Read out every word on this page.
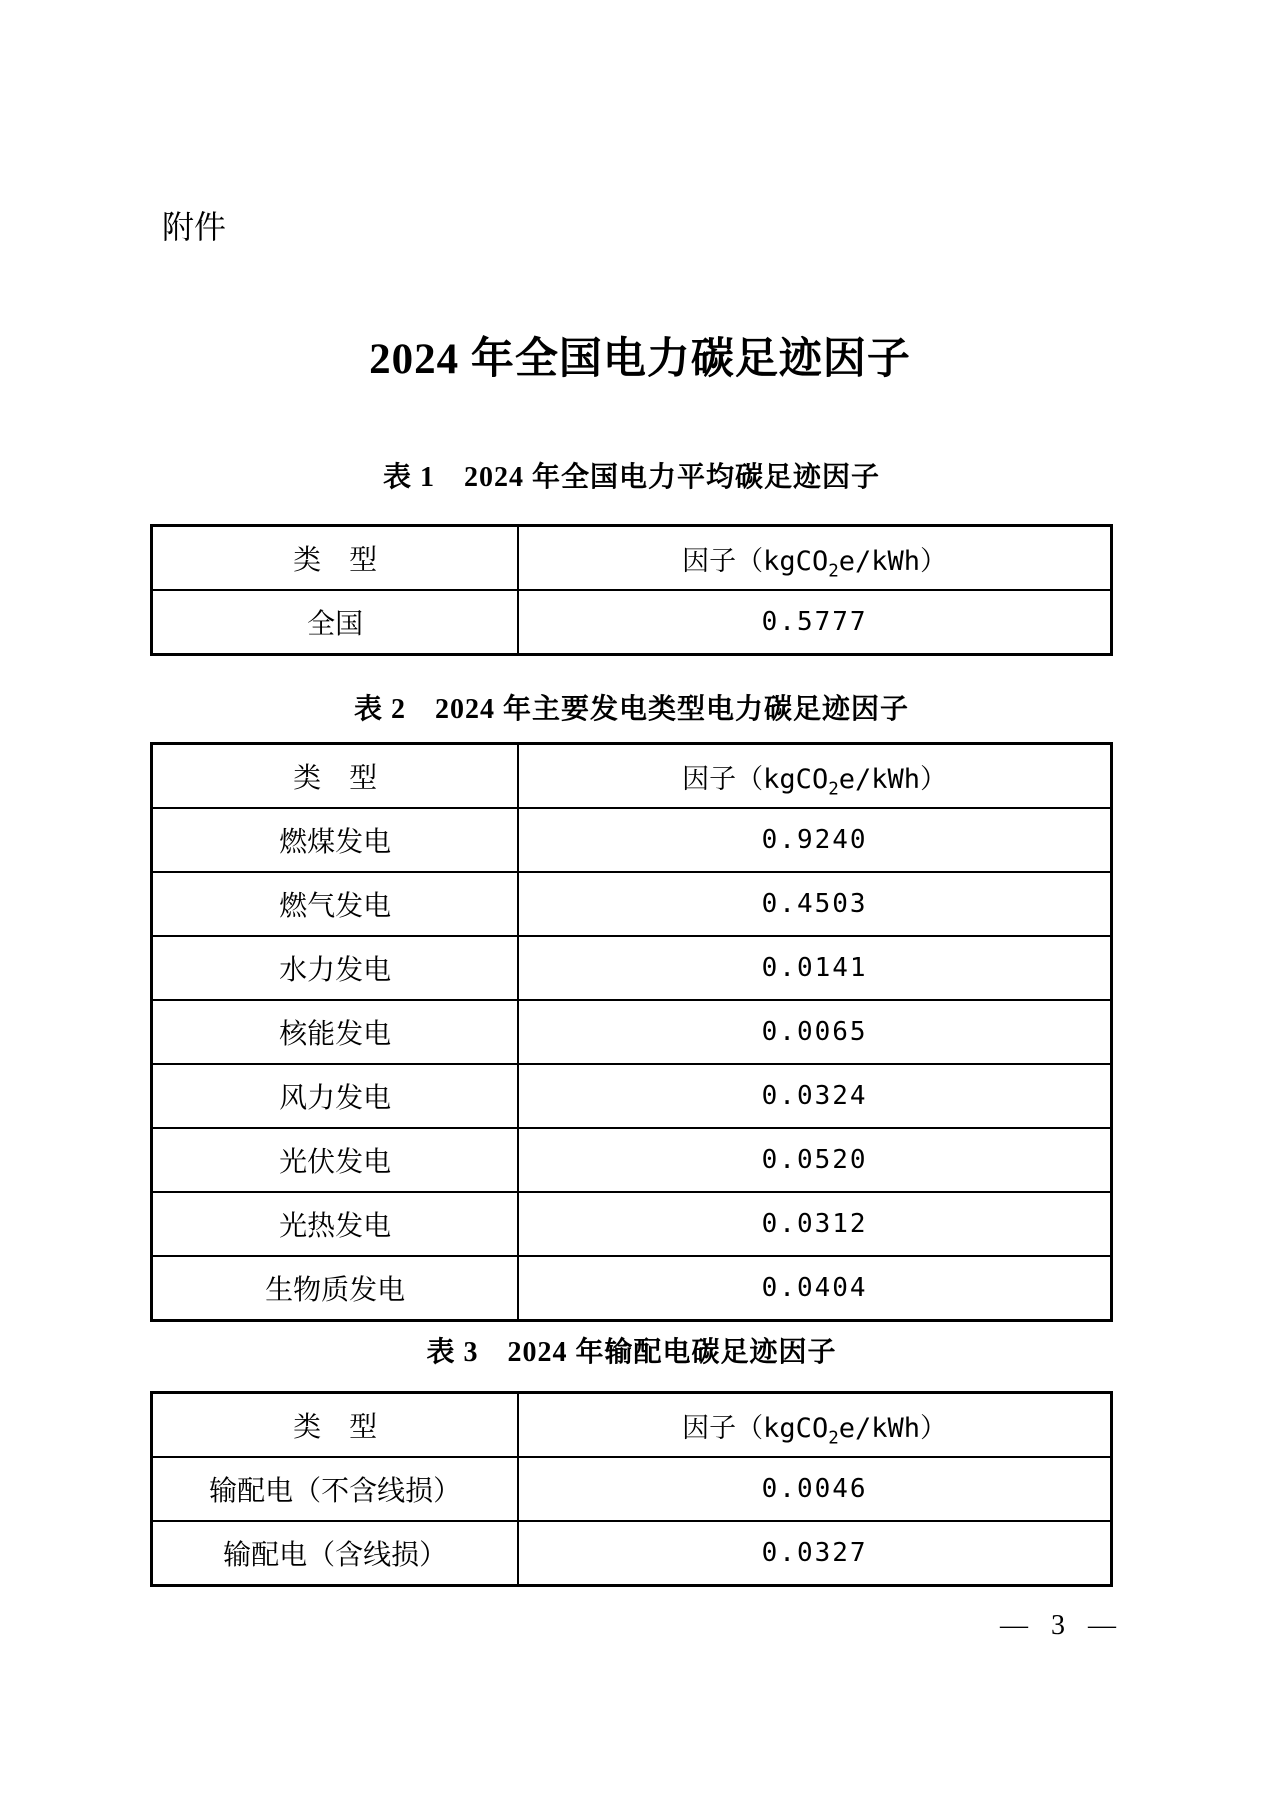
附件
2024 年全国电力碳足迹因子
表 1　2024 年全国电力平均碳足迹因子
类　型	因子（kgCO$_2$e/kWh）
全国	0.5777
表 2　2024 年主要发电类型电力碳足迹因子
类　型	因子（kgCO$_2$e/kWh）
燃煤发电	0.9240
燃气发电	0.4503
水力发电	0.0141
核能发电	0.0065
风力发电	0.0324
光伏发电	0.0520
光热发电	0.0312
生物质发电	0.0404
表 3　2024 年输配电碳足迹因子
类　型	因子（kgCO$_2$e/kWh）
输配电（不含线损）	0.0046
输配电（含线损）	0.0327
— 3 —
